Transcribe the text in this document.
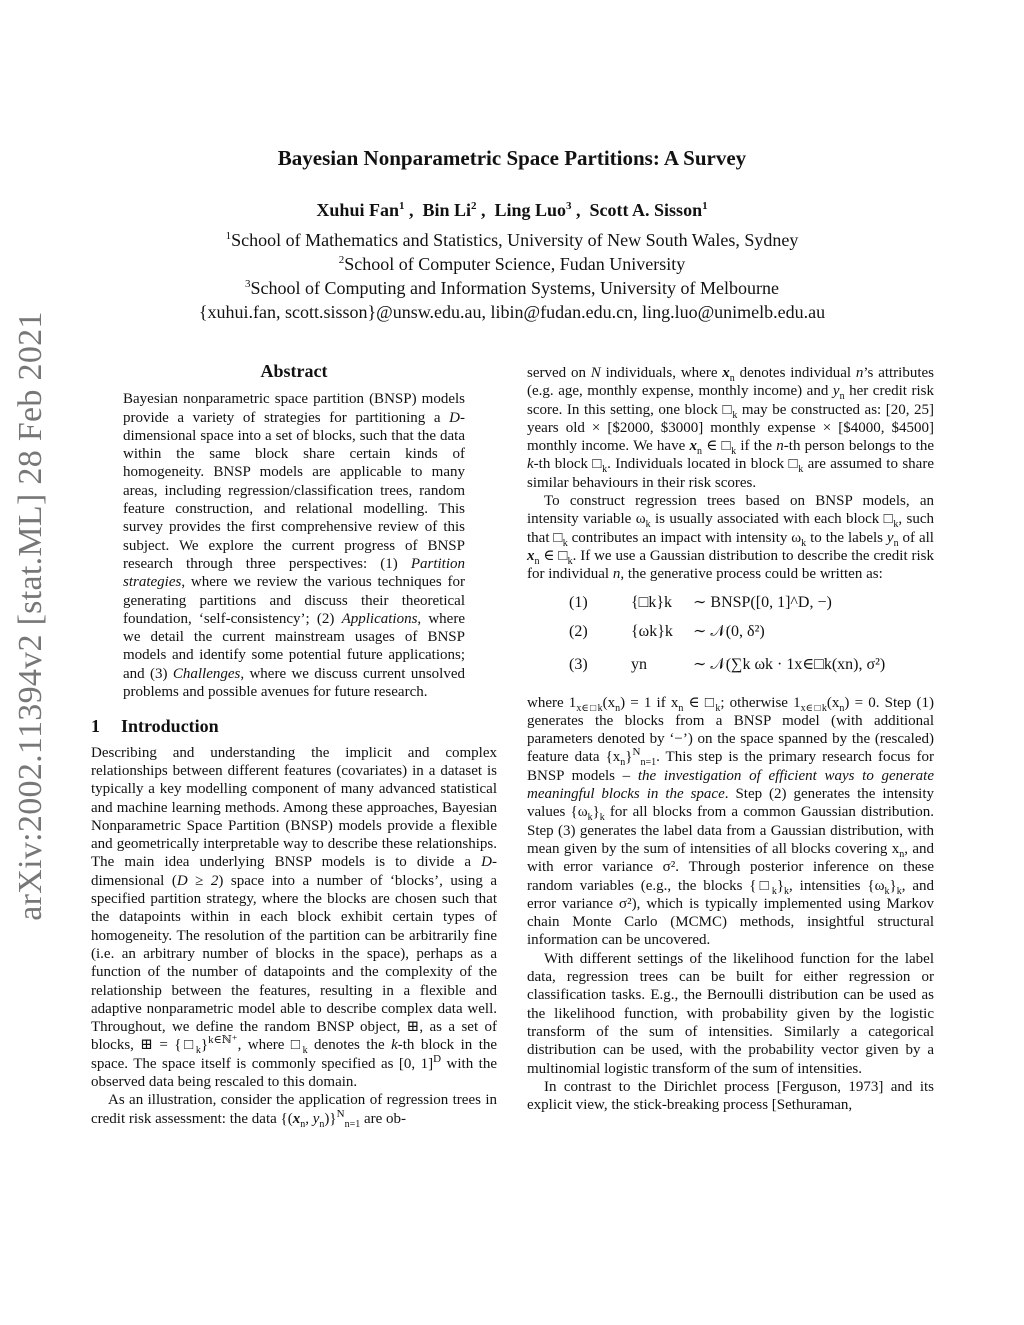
arXiv:2002.11394v2 [stat.ML] 28 Feb 2021
Bayesian Nonparametric Space Partitions: A Survey
Xuhui Fan$^1$ ,  Bin Li$^2$ ,  Ling Luo$^3$ ,  Scott A. Sisson$^1$
$^1$School of Mathematics and Statistics, University of New South Wales, Sydney
$^2$School of Computer Science, Fudan University
$^3$School of Computing and Information Systems, University of Melbourne
{xuhui.fan, scott.sisson}@unsw.edu.au, libin@fudan.edu.cn, ling.luo@unimelb.edu.au
Abstract
Bayesian nonparametric space partition (BNSP) models provide a variety of strategies for partitioning a D-dimensional space into a set of blocks, such that the data within the same block share certain kinds of homogeneity. BNSP models are applicable to many areas, including regression/classification trees, random feature construction, and relational modelling. This survey provides the first comprehensive review of this subject. We explore the current progress of BNSP research through three perspectives: (1) Partition strategies, where we review the various techniques for generating partitions and discuss their theoretical foundation, ‘self-consistency’; (2) Applications, where we detail the current mainstream usages of BNSP models and identify some potential future applications; and (3) Challenges, where we discuss current unsolved problems and possible avenues for future research.
1 Introduction

Describing and understanding the implicit and complex relationships between different features (covariates) in a dataset is typically a key modelling component of many advanced statistical and machine learning methods. Among these approaches, Bayesian Nonparametric Space Partition (BNSP) models provide a flexible and geometrically interpretable way to describe these relationships. The main idea underlying BNSP models is to divide a D-dimensional (D ≥ 2) space into a number of ‘blocks’, using a specified partition strategy, where the blocks are chosen such that the datapoints within in each block exhibit certain types of homogeneity. The resolution of the partition can be arbitrarily fine (i.e. an arbitrary number of blocks in the space), perhaps as a function of the number of datapoints and the complexity of the relationship between the features, resulting in a flexible and adaptive nonparametric model able to describe complex data well. Throughout, we define the random BNSP object, ⊞, as a set of blocks, ⊞ = $\{□_k\}^{k\in ℕ^+}$, where $□_k$ denotes the k-th block in the space. The space itself is commonly specified as [0, 1]$^D$ with the observed data being rescaled to this domain.

As an illustration, consider the application of regression trees in credit risk assessment: the data {($x_n$, $y_n)\}^N_{n=1}$ are ob-

served on N individuals, where $x_n$ denotes individual n’s attributes (e.g. age, monthly expense, monthly income) and $y_n$ her credit risk score. In this setting, one block $□_k$ may be constructed as: [20, 25] years old × [$2000, $3000] monthly expense × [$4000, $4500] monthly income. We have $x_n$ ∈ $□_k$ if the n-th person belongs to the k-th block $□_k$. Individuals located in block $□_k$ are assumed to share similar behaviours in their risk scores.

To construct regression trees based on BNSP models, an intensity variable $\omega_k$ is usually associated with each block $□_k$, such that $□_k$ contributes an impact with intensity $\omega_k$ to the labels $y_n$ of all $x_n$ ∈ $□_k$. If we use a Gaussian distribution to describe the credit risk for individual n, the generative process could be written as:

(1)	{□k}k	∼ BNSP([0, 1]^D, −)
(2)	{ωk}k	∼ 𝒩(0, δ²)
(3)	yn	∼ 𝒩(∑k ωk · 1x∈□k(xn), σ²)

where $1_{x\in□k}(x_n) = 1$ if $x_n$ ∈ $□_k$; otherwise $1_{x\in□k}(x_n) = 0$. Step (1) generates the blocks from a BNSP model (with additional parameters denoted by ‘−’) on the space spanned by the (rescaled) feature data $\{x_n\}^N_{n=1}$. This step is the primary research focus for BNSP models – the investigation of efficient ways to generate meaningful blocks in the space. Step (2) generates the intensity values $\{\omega_k\}_k$ for all blocks from a common Gaussian distribution. Step (3) generates the label data from a Gaussian distribution, with mean given by the sum of intensities of all blocks covering $x_n$, and with error variance σ². Through posterior inference on these random variables (e.g., the blocks $\{□_k\}_k$, intensities $\{\omega_k\}_k$, and error variance σ²), which is typically implemented using Markov chain Monte Carlo (MCMC) methods, insightful structural information can be uncovered.

With different settings of the likelihood function for the label data, regression trees can be built for either regression or classification tasks. E.g., the Bernoulli distribution can be used as the likelihood function, with probability given by the logistic transform of the sum of intensities. Similarly a categorical distribution can be used, with the probability vector given by a multinomial logistic transform of the sum of intensities.

In contrast to the Dirichlet process [Ferguson, 1973] and its explicit view, the stick-breaking process [Sethuraman,
